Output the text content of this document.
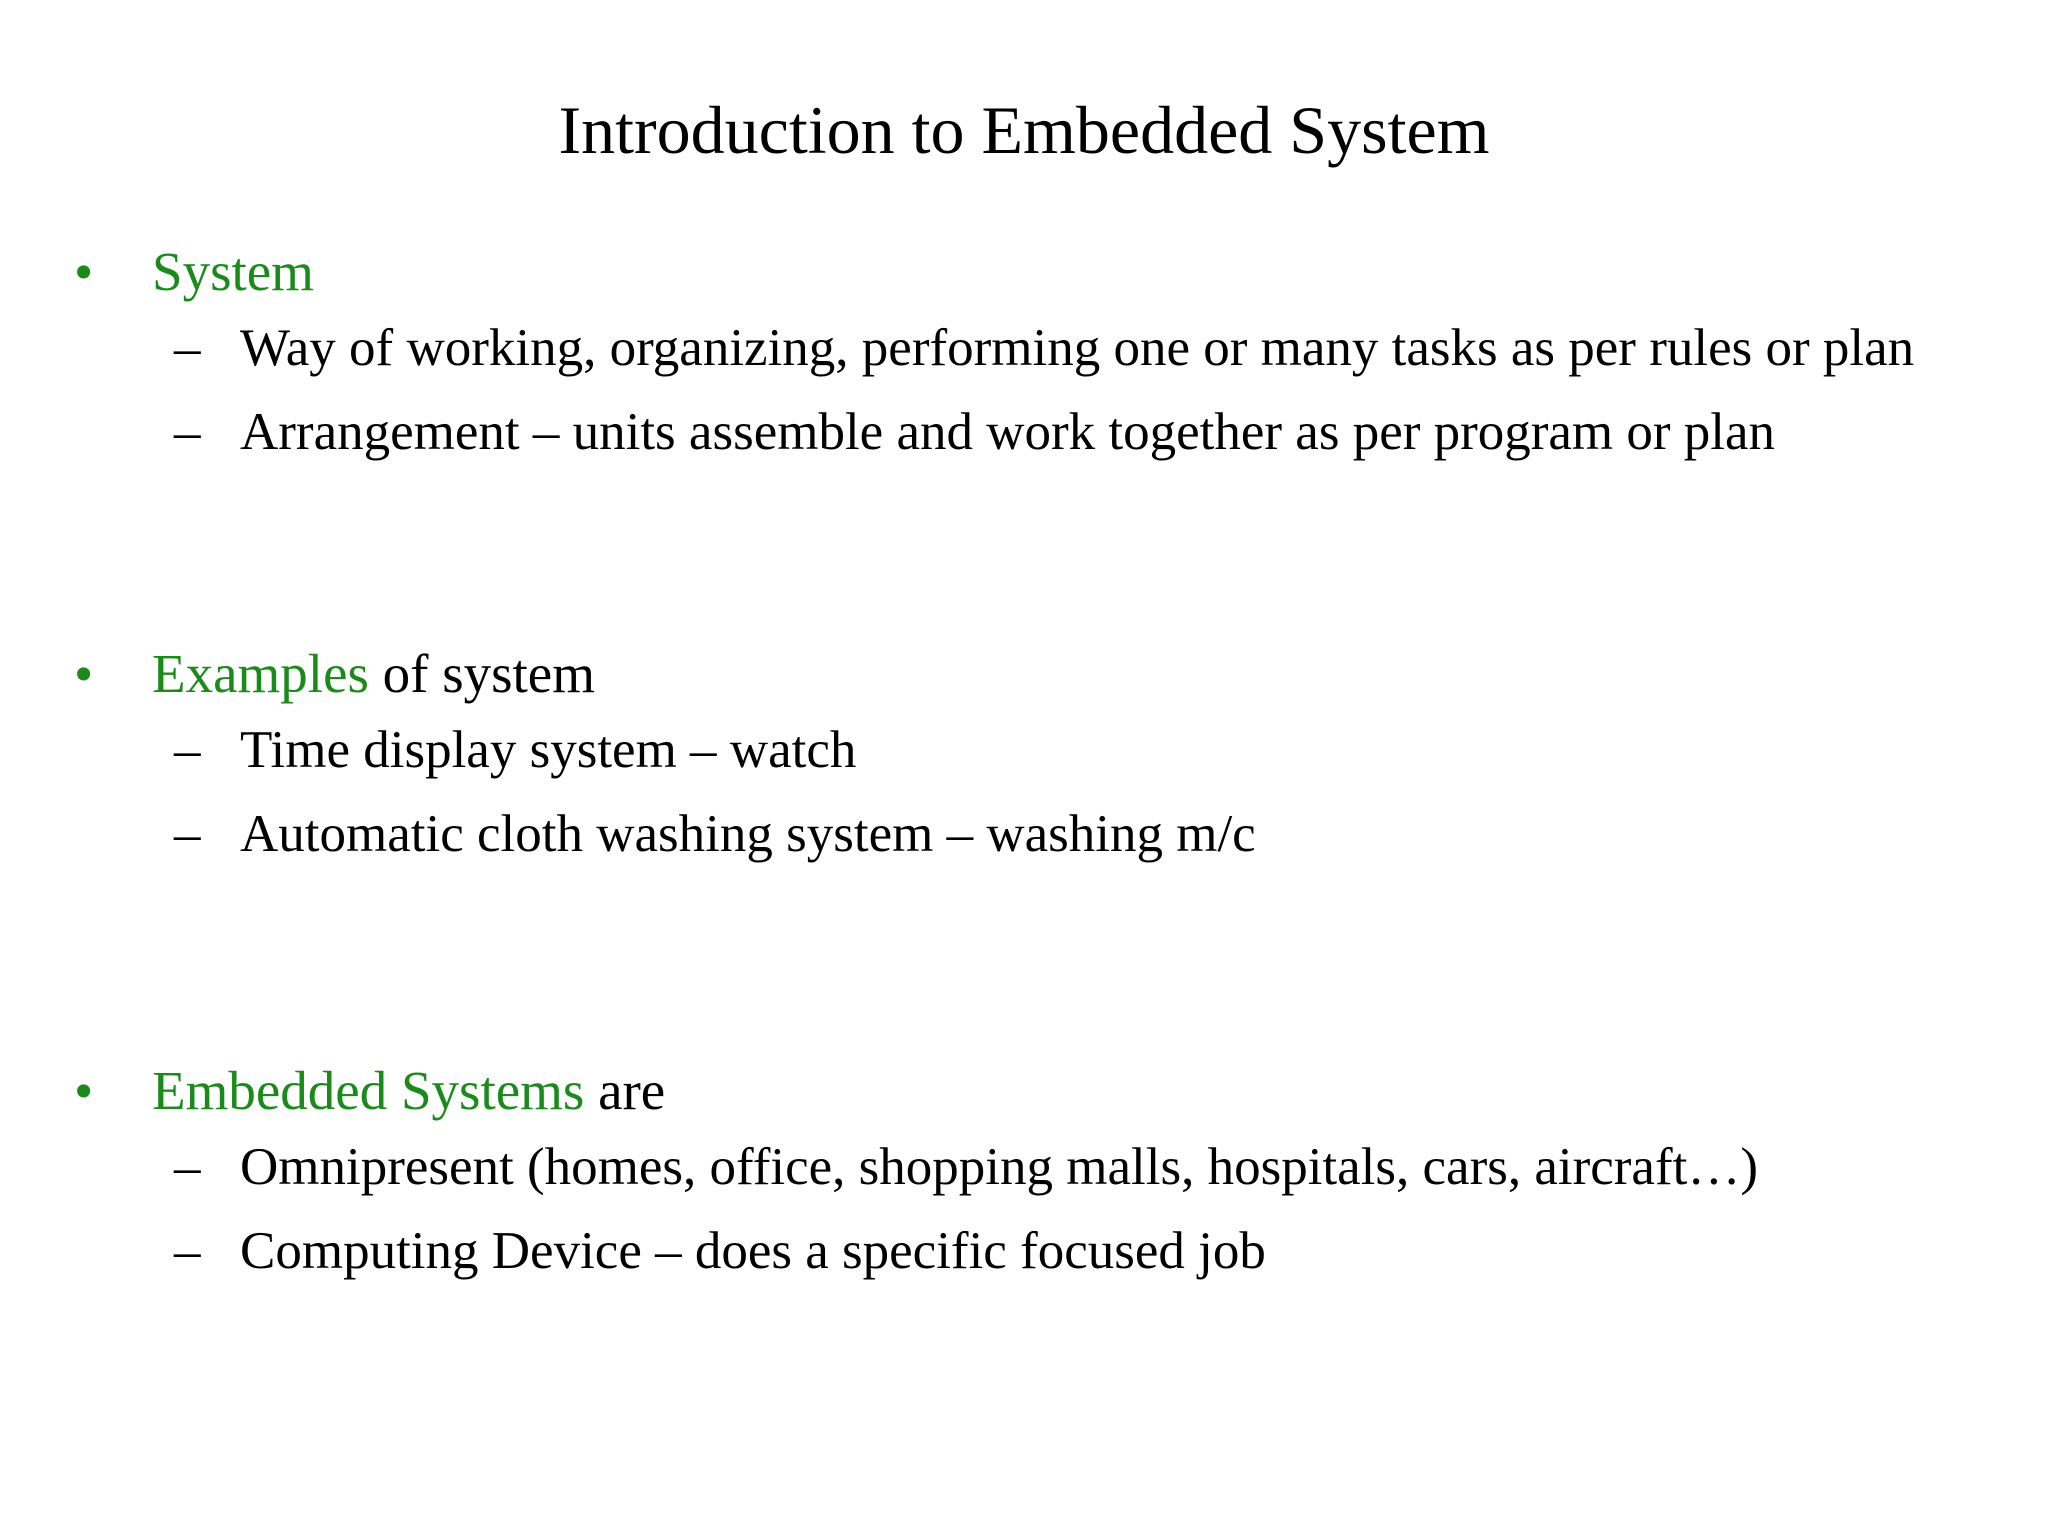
Introduction to Embedded System
• System
– Way of working, organizing, performing one or many tasks as per rules or plan
– Arrangement – units assemble and work together as per program or plan
• Examples of system
– Time display system – watch
– Automatic cloth washing system – washing m/c
• Embedded Systems are
– Omnipresent (homes, office, shopping malls, hospitals, cars, aircraft…)
– Computing Device – does a specific focused job
